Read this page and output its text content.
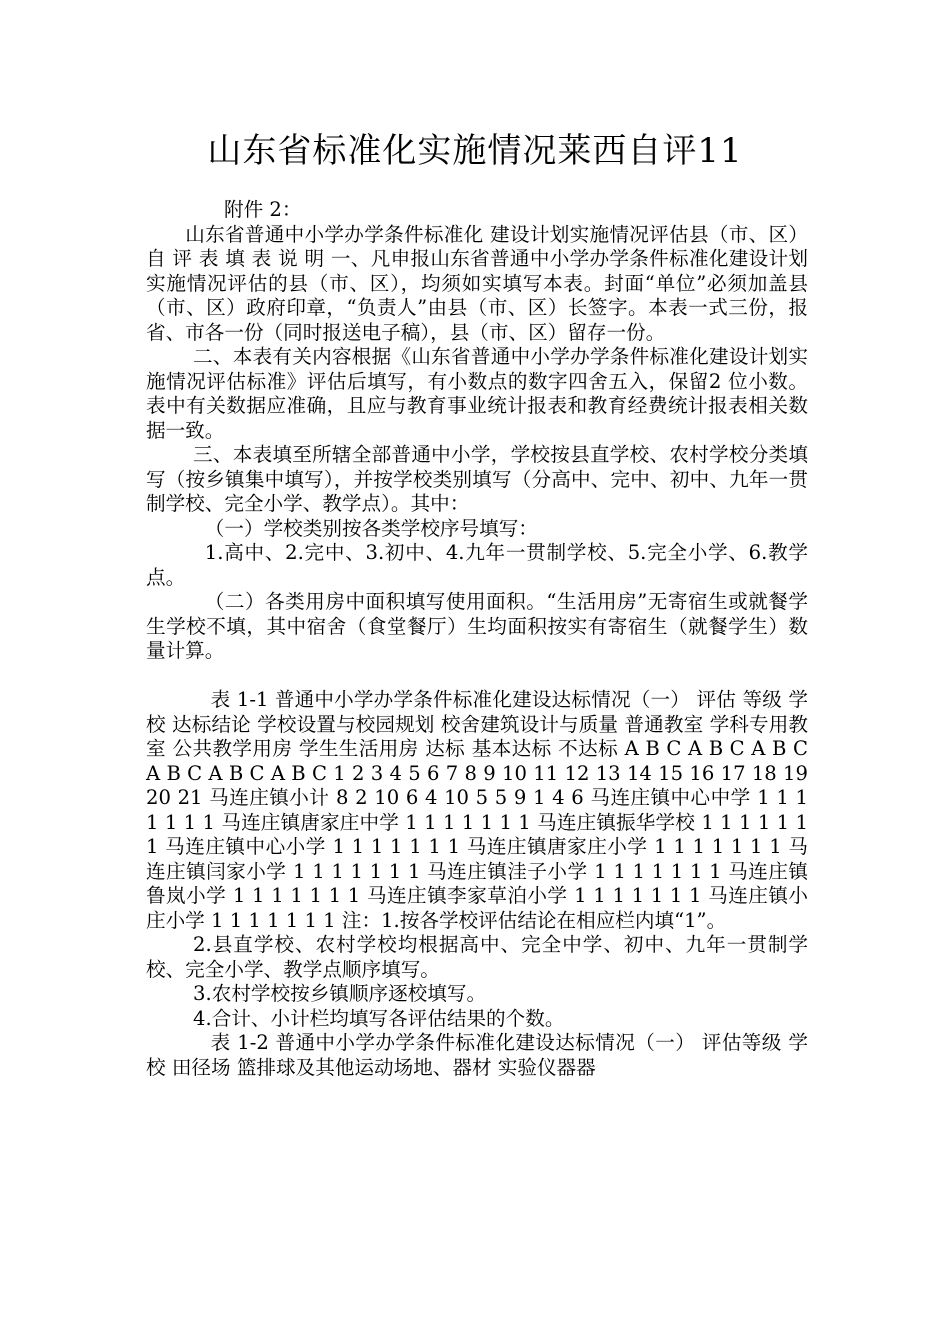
山东省标准化实施情况莱西自评11

附件 2：

山东省普通中小学办学条件标准化 建设计划实施情况评估县（市、区） 自 评 表 填 表 说 明 一、凡申报山东省普通中小学办学条件标准化建设计划实施情况评估的县（市、区），均须如实填写本表。封面“单位”必须加盖县（市、区）政府印章，“负责人”由县（市、区）长签字。本表一式三份，报省、市各一份（同时报送电子稿），县（市、区）留存一份。

二、本表有关内容根据《山东省普通中小学办学条件标准化建设计划实施情况评估标准》评估后填写，有小数点的数字四舍五入，保留2 位小数。表中有关数据应准确，且应与教育事业统计报表和教育经费统计报表相关数据一致。

三、本表填至所辖全部普通中小学，学校按县直学校、农村学校分类填写（按乡镇集中填写），并按学校类别填写（分高中、完中、初中、九年一贯制学校、完全小学、教学点）。其中：

（一）学校类别按各类学校序号填写：

1.高中、2.完中、3.初中、4.九年一贯制学校、5.完全小学、6.教学点。

（二）各类用房中面积填写使用面积。“生活用房”无寄宿生或就餐学生学校不填，其中宿舍（食堂餐厅）生均面积按实有寄宿生（就餐学生）数量计算。

表 1-1 普通中小学办学条件标准化建设达标情况（一） 评估 等级 学校 达标结论 学校设置与校园规划 校舍建筑设计与质量 普通教室 学科专用教室 公共教学用房 学生生活用房 达标 基本达标 不达标 A B C A B C A B C A B C A B C A B C 1 2 3 4 5 6 7 8 9 10 11 12 13 14 15 16 17 18 19 20 21 马连庄镇小计 8 2 10 6 4 10 5 5 9 1 4 6 马连庄镇中心中学 1 1 1 1 1 1 1 马连庄镇唐家庄中学 1 1 1 1 1 1 1 马连庄镇振华学校 1 1 1 1 1 1 1 马连庄镇中心小学 1 1 1 1 1 1 1 马连庄镇唐家庄小学 1 1 1 1 1 1 1 马连庄镇闫家小学 1 1 1 1 1 1 1 马连庄镇洼子小学 1 1 1 1 1 1 1 马连庄镇鲁岚小学 1 1 1 1 1 1 1 马连庄镇李家草泊小学 1 1 1 1 1 1 1 马连庄镇小庄小学 1 1 1 1 1 1 1 注：1.按各学校评估结论在相应栏内填“1”。

2.县直学校、农村学校均根据高中、完全中学、初中、九年一贯制学校、完全小学、教学点顺序填写。

3.农村学校按乡镇顺序逐校填写。

4.合计、小计栏均填写各评估结果的个数。

表 1-2 普通中小学办学条件标准化建设达标情况（一） 评估等级 学校 田径场 篮排球及其他运动场地、器材 实验仪器器
